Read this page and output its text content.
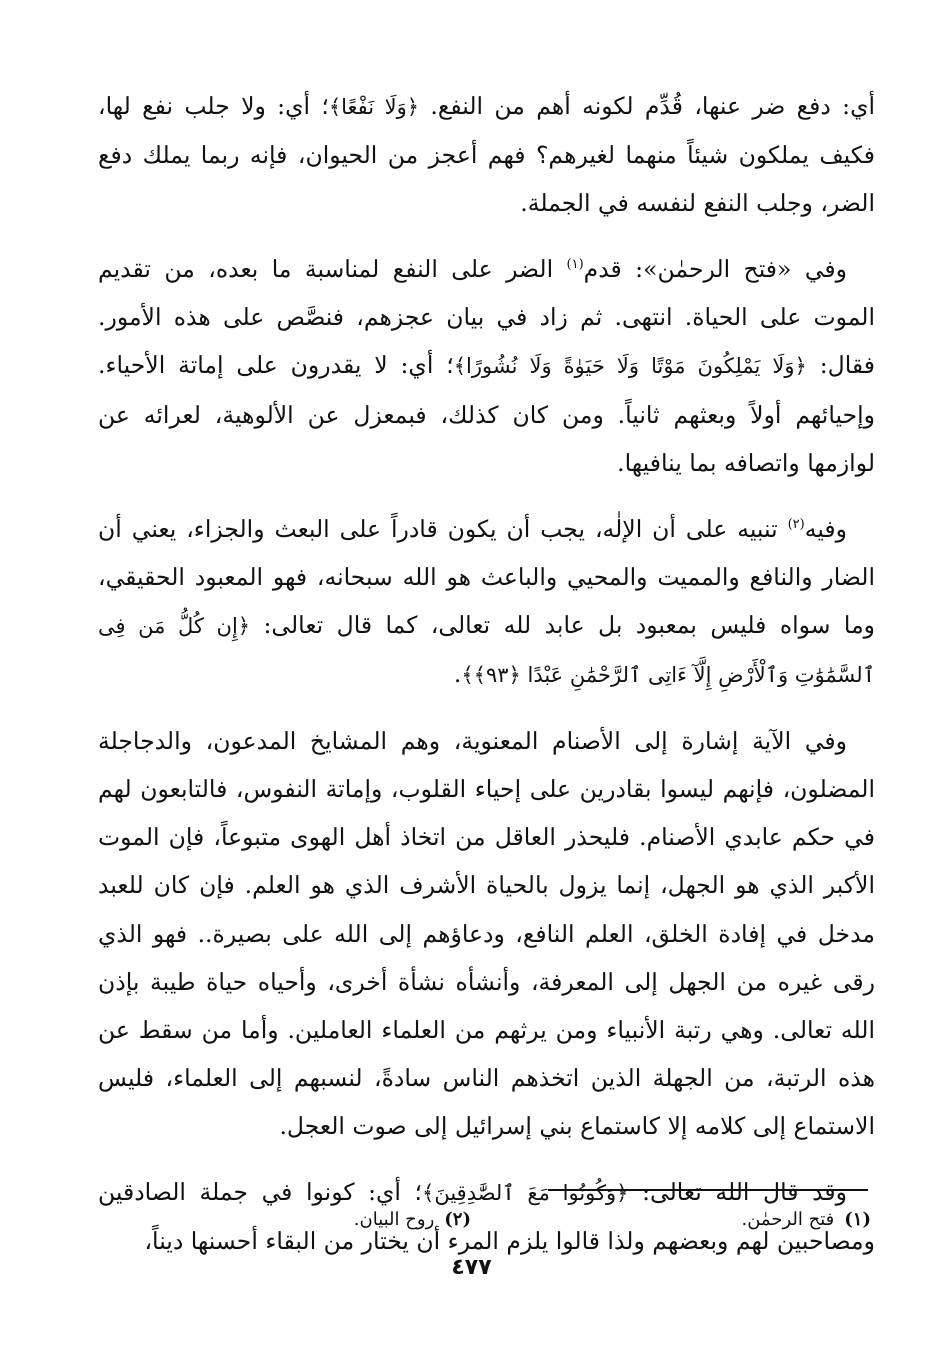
أي: دفع ضر عنها، قُدِّم لكونه أهم من النفع. ﴿وَلَا نَفْعًا﴾؛ أي: ولا جلب نفع لها، فكيف يملكون شيئاً منهما لغيرهم؟ فهم أعجز من الحيوان، فإنه ربما يملك دفع الضر، وجلب النفع لنفسه في الجملة.

وفي «فتح الرحمٰن»: قدم$^{(١)}$ الضر على النفع لمناسبة ما بعده، من تقديم الموت على الحياة. انتهى. ثم زاد في بيان عجزهم، فنصَّص على هذه الأمور. فقال: ﴿وَلَا يَمْلِكُونَ مَوْتًا وَلَا حَيَوٰةً وَلَا نُشُورًا﴾؛ أي: لا يقدرون على إماتة الأحياء. وإحيائهم أولاً وبعثهم ثانياً. ومن كان كذلك، فبمعزل عن الألوهية، لعرائه عن لوازمها واتصافه بما ينافيها.

وفيه$^{(٢)}$ تنبيه على أن الإلٰه، يجب أن يكون قادراً على البعث والجزاء، يعني أن الضار والنافع والمميت والمحيي والباعث هو الله سبحانه، فهو المعبود الحقيقي، وما سواه فليس بمعبود بل عابد لله تعالى، كما قال تعالى: ﴿إِن كُلُّ مَن فِى ٱلسَّمَٰوَٰتِ وَٱلْأَرْضِ إِلَّآ ءَاتِى ٱلرَّحْمَٰنِ عَبْدًا ﴿٩٣﴾﴾.

وفي الآية إشارة إلى الأصنام المعنوية، وهم المشايخ المدعون، والدجاجلة المضلون، فإنهم ليسوا بقادرين على إحياء القلوب، وإماتة النفوس، فالتابعون لهم في حكم عابدي الأصنام. فليحذر العاقل من اتخاذ أهل الهوى متبوعاً، فإن الموت الأكبر الذي هو الجهل، إنما يزول بالحياة الأشرف الذي هو العلم. فإن كان للعبد مدخل في إفادة الخلق، العلم النافع، ودعاؤهم إلى الله على بصيرة.. فهو الذي رقى غيره من الجهل إلى المعرفة، وأنشأه نشأة أخرى، وأحياه حياة طيبة بإذن الله تعالى. وهي رتبة الأنبياء ومن يرثهم من العلماء العاملين. وأما من سقط عن هذه الرتبة، من الجهلة الذين اتخذهم الناس سادةً، لنسبهم إلى العلماء، فليس الاستماع إلى كلامه إلا كاستماع بني إسرائيل إلى صوت العجل.

وقد قال الله تعالى: ﴿وَكُونُوا مَعَ ٱلصَّٰدِقِينَ﴾؛ أي: كونوا في جملة الصادقين ومصاحبين لهم وبعضهم ولذا قالوا يلزم المرء أن يختار من البقاء أحسنها ديناً،

(١)فتح الرحمٰن.
(٢)روح البيان.
٤٧٧
